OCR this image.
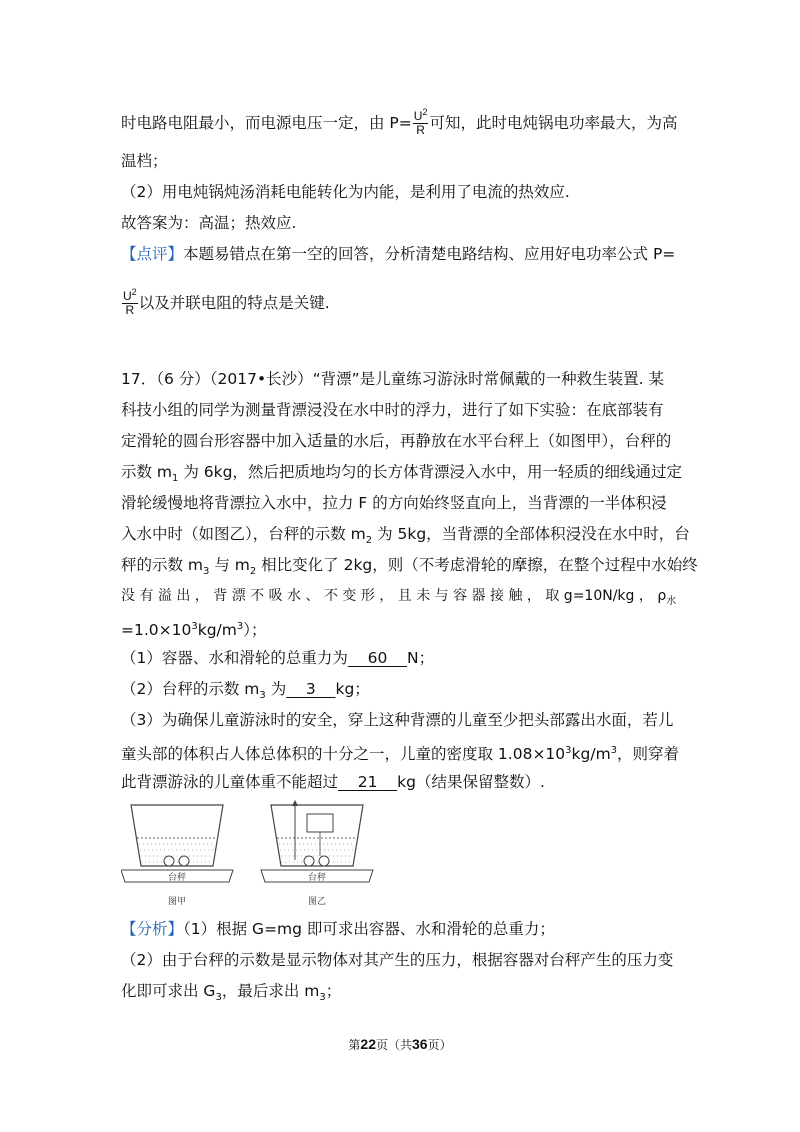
时电路电阻最小，而电源电压一定，由 $P= \frac{U^2}{R}$ 可知，此时电炖锅电功率最大，为高
温档；
（2）用电炖锅炖汤消耗电能转化为内能，是利用了电流的热效应.
故答案为：高温；热效应.
【点评】本题易错点在第一空的回答，分析清楚电路结构、应用好电功率公式 P=
$\frac{U^2}{R}$ 以及并联电阻的特点是关键.
17．（6 分）（2017•长沙）“背漂”是儿童练习游泳时常佩戴的一种救生装置. 某
科技小组的同学为测量背漂浸没在水中时的浮力，进行了如下实验：在底部装有
定滑轮的圆台形容器中加入适量的水后，再静放在水平台秤上（如图甲），台秤的
示数 $m_1$ 为 6kg，然后把质地均匀的长方体背漂浸入水中，用一轻质的细线通过定
滑轮缓慢地将背漂拉入水中，拉力 F 的方向始终竖直向上，当背漂的一半体积浸
入水中时（如图乙），台秤的示数 $m_2$ 为 5kg，当背漂的全部体积浸没在水中时，台
秤的示数 $m_3$ 与 $m_2$ 相比变化了 2kg，则（不考虑滑轮的摩擦，在整个过程中水始终
没 有 溢 出 ， 背 漂 不 吸 水 、 不 变 形 ， 且 未 与 容 器 接 触 ， 取 g=10N/kg ， $\rho_水$
$=1.0\times 10^3kg/m^3$）；
（1）容器、水和滑轮的总重力为    60    N；
（2）台秤的示数 $m_3$ 为    3    kg；
（3）为确保儿童游泳时的安全，穿上这种背漂的儿童至少把头部露出水面，若儿
童头部的体积占人体总体积的十分之一，儿童的密度取 $1.08\times 10^3kg/m^3$，则穿着
此背漂游泳的儿童体重不能超过    21    kg（结果保留整数）.
台秤
图甲
台秤
图乙
【分析】（1）根据 G=mg 即可求出容器、水和滑轮的总重力；
（2）由于台秤的示数是显示物体对其产生的压力，根据容器对台秤产生的压力变
化即可求出 $G_3$，最后求出 $m_3$；
第22页（共36页）
